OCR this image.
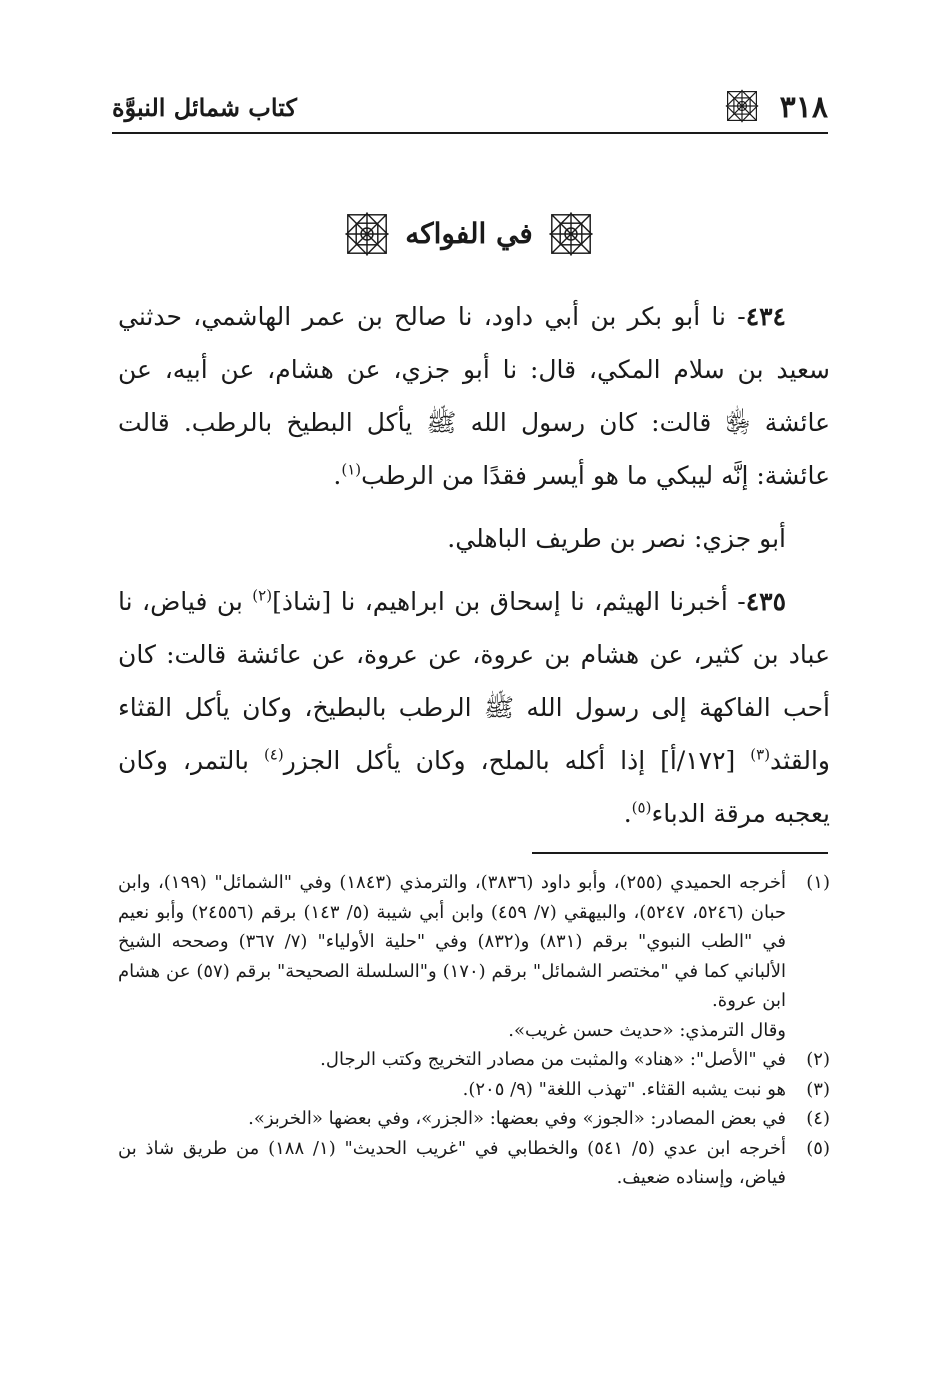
٣١٨
كتاب شمائل النبوَّة
في الفواكه

٤٣٤- نا أبو بكر بن أبي داود، نا صالح بن عمر الهاشمي، حدثني سعيد بن سلام المكي، قال: نا أبو جزي، عن هشام، عن أبيه، عن عائشة ﵂ قالت: كان رسول الله ﷺ يأكل البطيخ بالرطب. قالت عائشة: إنَّه ليبكي ما هو أيسر فقدًا من الرطب$^{(١)}$.

أبو جزي: نصر بن طريف الباهلي.

٤٣٥- أخبرنا الهيثم، نا إسحاق بن ابراهيم، نا [شاذ]$^{(٢)}$ بن فياض، نا عباد بن كثير، عن هشام بن عروة، عن عروة، عن عائشة قالت: كان أحب الفاكهة إلى رسول الله ﷺ الرطب بالبطيخ، وكان يأكل القثاء والقثد$^{(٣)}$ [١٧٢/أ] إذا أكله بالملح، وكان يأكل الجزر$^{(٤)}$ بالتمر، وكان يعجبه مرقة الدباء$^{(٥)}$.

(١)
أخرجه الحميدي (٢٥٥)، وأبو داود (٣٨٣٦)، والترمذي (١٨٤٣) وفي "الشمائل" (١٩٩)، وابن حبان (٥٢٤٦، ٥٢٤٧)، والبيهقي (٧/ ٤٥٩) وابن أبي شيبة (٥/ ١٤٣) برقم (٢٤٥٥٦) وأبو نعيم في "الطب النبوي" برقم (٨٣١) و(٨٣٢) وفي "حلية الأولياء" (٧/ ٣٦٧) وصححه الشيخ الألباني كما في "مختصر الشمائل" برقم (١٧٠) و"السلسلة الصحيحة" برقم (٥٧) عن هشام ابن عروة.
وقال الترمذي: «حديث حسن غريب».
(٢)
في "الأصل": «هناد» والمثبت من مصادر التخريج وكتب الرجال.
(٣)
هو نبت يشبه القثاء. "تهذب اللغة" (٩/ ٢٠٥).
(٤)
في بعض المصادر: «الجوز» وفي بعضها: «الجزر»، وفي بعضها «الخربز».
(٥)
أخرجه ابن عدي (٥/ ٥٤١) والخطابي في "غريب الحديث" (١/ ١٨٨) من طريق شاذ بن فياض، وإسناده ضعيف.
